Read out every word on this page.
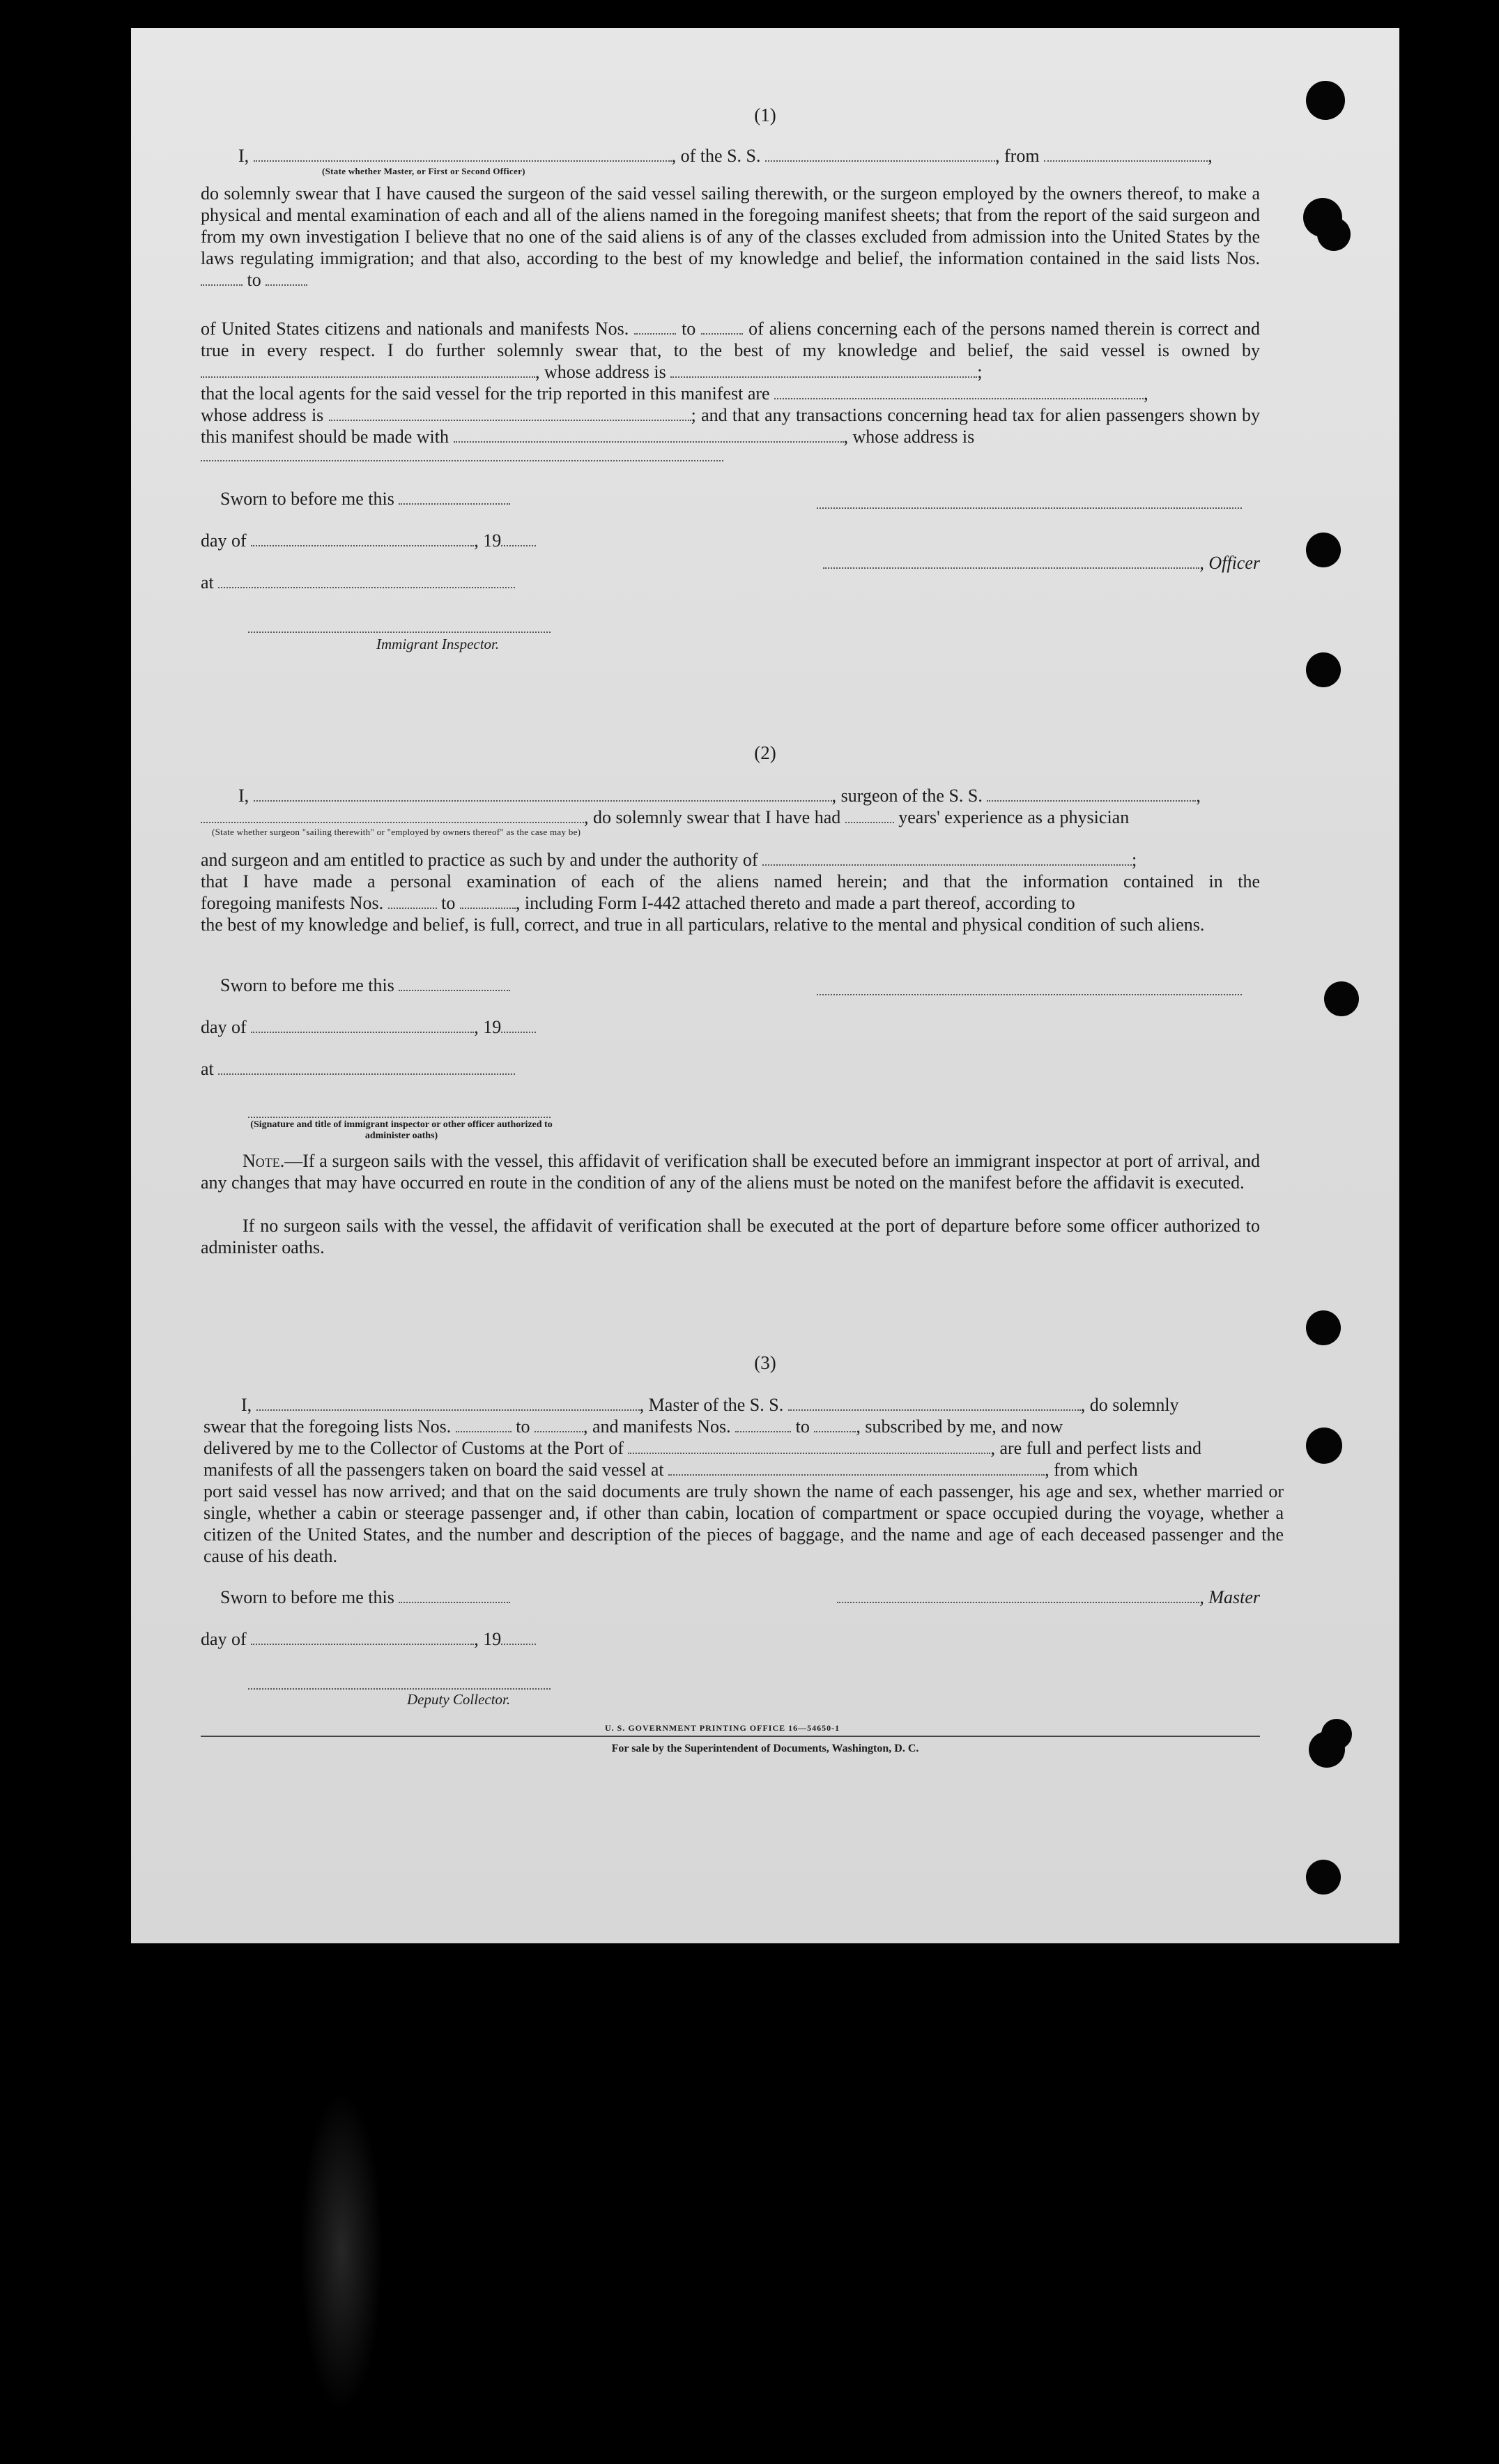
(1)
I,	, of the S. S.	, from	,
(State whether Master, or First or Second Officer)
do solemnly swear that I have caused the surgeon of the said vessel sailing therewith, or the surgeon employed by the owners thereof, to make a physical and mental examination of each and all of the aliens named in the foregoing manifest sheets; that from the report of the said surgeon and from my own investigation I believe that no one of the said aliens is of any of the classes excluded from admission into the United States by the laws regulating immigration; and that also, according to the best of my knowledge and belief, the information contained in the said lists Nos.  to
of United States citizens and nationals and manifests Nos.	to	of aliens concerning each of the persons named therein is correct and true in every respect. I do further solemnly swear that, to the best of my knowledge and belief, the said vessel is owned by , whose address is	;
that the local agents for the said vessel for the trip reported in this manifest are	,
whose address is	; and that any transactions concerning head tax for alien passengers shown by this manifest should be made with	, whose address is
Sworn to before me this
day of	, 19
, Officer
at
Immigrant Inspector.
(2)
I,	, surgeon of the S. S.	,
, do solemnly swear that I have had	years' experience as a physician
(State whether surgeon "sailing therewith" or "employed by owners thereof" as the case may be)
and surgeon and am entitled to practice as such by and under the authority of	;
that I have made a personal examination of each of the aliens named herein; and that the information contained in the
foregoing manifests Nos.	to	, including Form I-442 attached thereto and made a part thereof, according to
the best of my knowledge and belief, is full, correct, and true in all particulars, relative to the mental and physical condition of such aliens.
Sworn to before me this
day of	, 19
at
(Signature and title of immigrant inspector or other officer authorized to administer oaths)
Note.—If a surgeon sails with the vessel, this affidavit of verification shall be executed before an immigrant inspector at port of arrival, and any changes that may have occurred en route in the condition of any of the aliens must be noted on the manifest before the affidavit is executed.
If no surgeon sails with the vessel, the affidavit of verification shall be executed at the port of departure before some officer authorized to administer oaths.
(3)
I,	, Master of the S. S.	, do solemnly
swear that the foregoing lists Nos.	to	, and manifests Nos.	to	, subscribed by me, and now
delivered by me to the Collector of Customs at the Port of	, are full and perfect lists and
manifests of all the passengers taken on board the said vessel at	, from which
port said vessel has now arrived; and that on the said documents are truly shown the name of each passenger, his age and sex, whether married or single, whether a cabin or steerage passenger and, if other than cabin, location of compartment or space occupied during the voyage, whether a citizen of the United States, and the number and description of the pieces of baggage, and the name and age of each deceased passenger and the cause of his death.
Sworn to before me this	, Master
day of	, 19
Deputy Collector.
U. S. GOVERNMENT PRINTING OFFICE 16—54650-1
For sale by the Superintendent of Documents, Washington, D. C.
